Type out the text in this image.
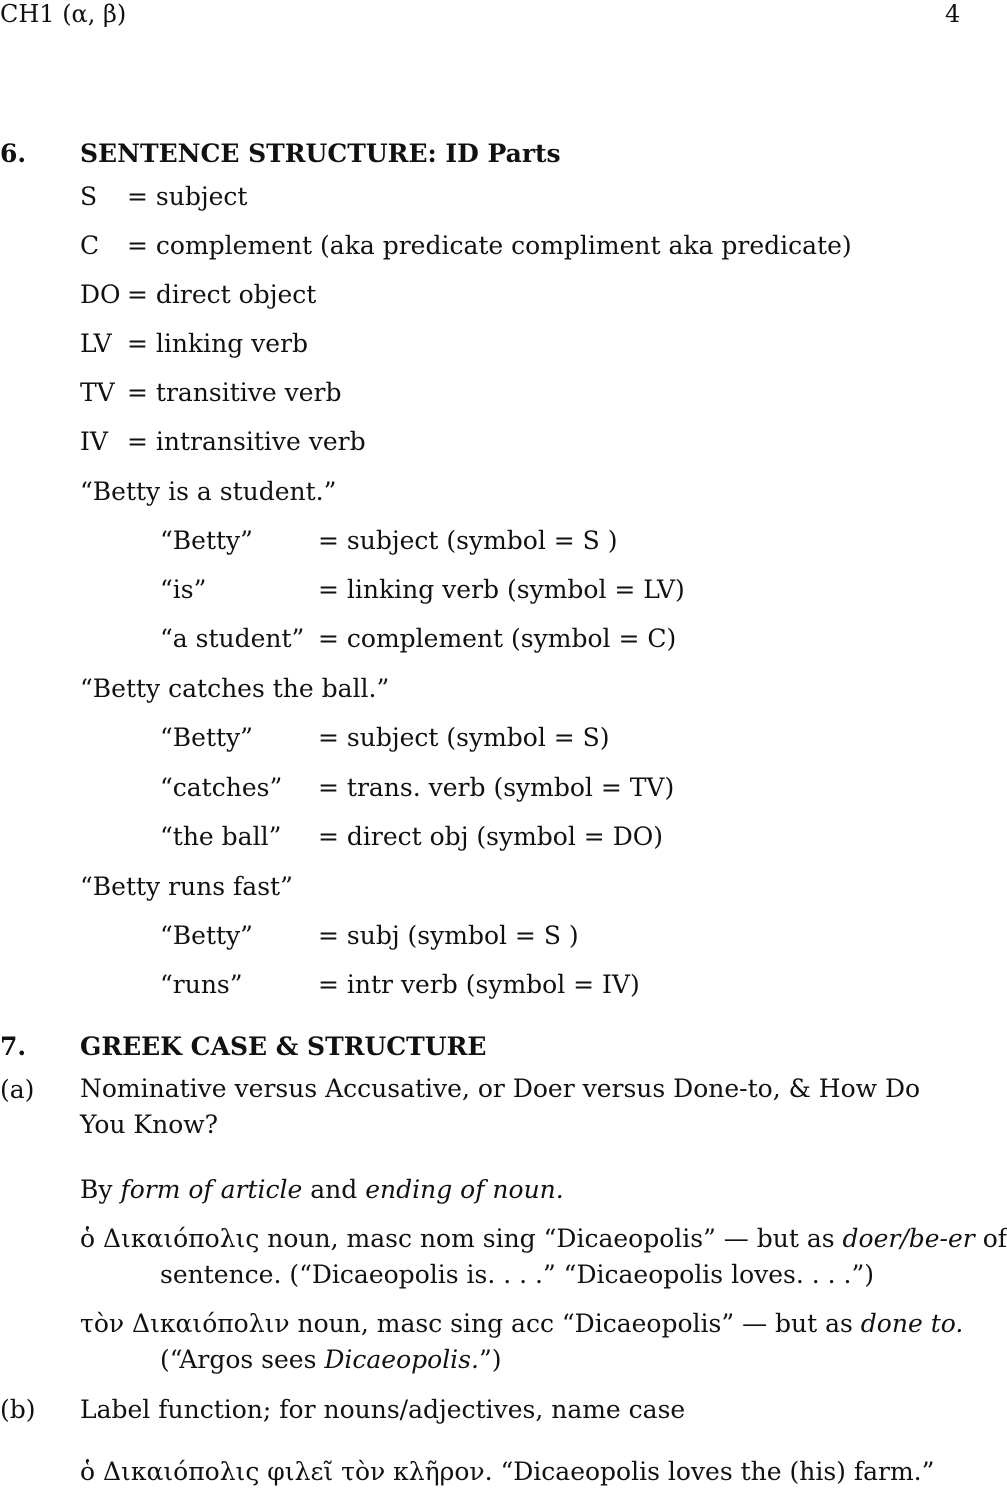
CH1 (α, β)	4
6. SENTENCE STRUCTURE: ID Parts
S = subject
C = complement (aka predicate compliment aka predicate)
DO = direct object
LV = linking verb
TV = transitive verb
IV = intransitive verb
“Betty is a student.”
“Betty”	= subject (symbol = S )
“is”	= linking verb (symbol = LV)
“a student” = complement (symbol = C)
“Betty catches the ball.”
“Betty”	= subject (symbol = S)
“catches” = trans. verb (symbol = TV)
“the ball” = direct obj (symbol = DO)
“Betty runs fast”
“Betty”	= subj (symbol = S )
“runs”	= intr verb (symbol = IV)
7. GREEK CASE & STRUCTURE
(a) Nominative versus Accusative, or Doer versus Done-to, & How Do You Know?
By form of article and ending of noun.
ὁ Δικαιόπολις noun, masc nom sing “Dicaeopolis” — but as doer/be-er of
sentence. (“Dicaeopolis is. . . .” “Dicaeopolis loves. . . .”)
τὸν Δικαιόπολιν noun, masc sing acc “Dicaeopolis” — but as done to.
(“Argos sees Dicaeopolis.”)
(b) Label function; for nouns/adjectives, name case
ὁ Δικαιόπολις φιλεῖ τὸν κλῆρον. “Dicaeopolis loves the (his) farm.”
